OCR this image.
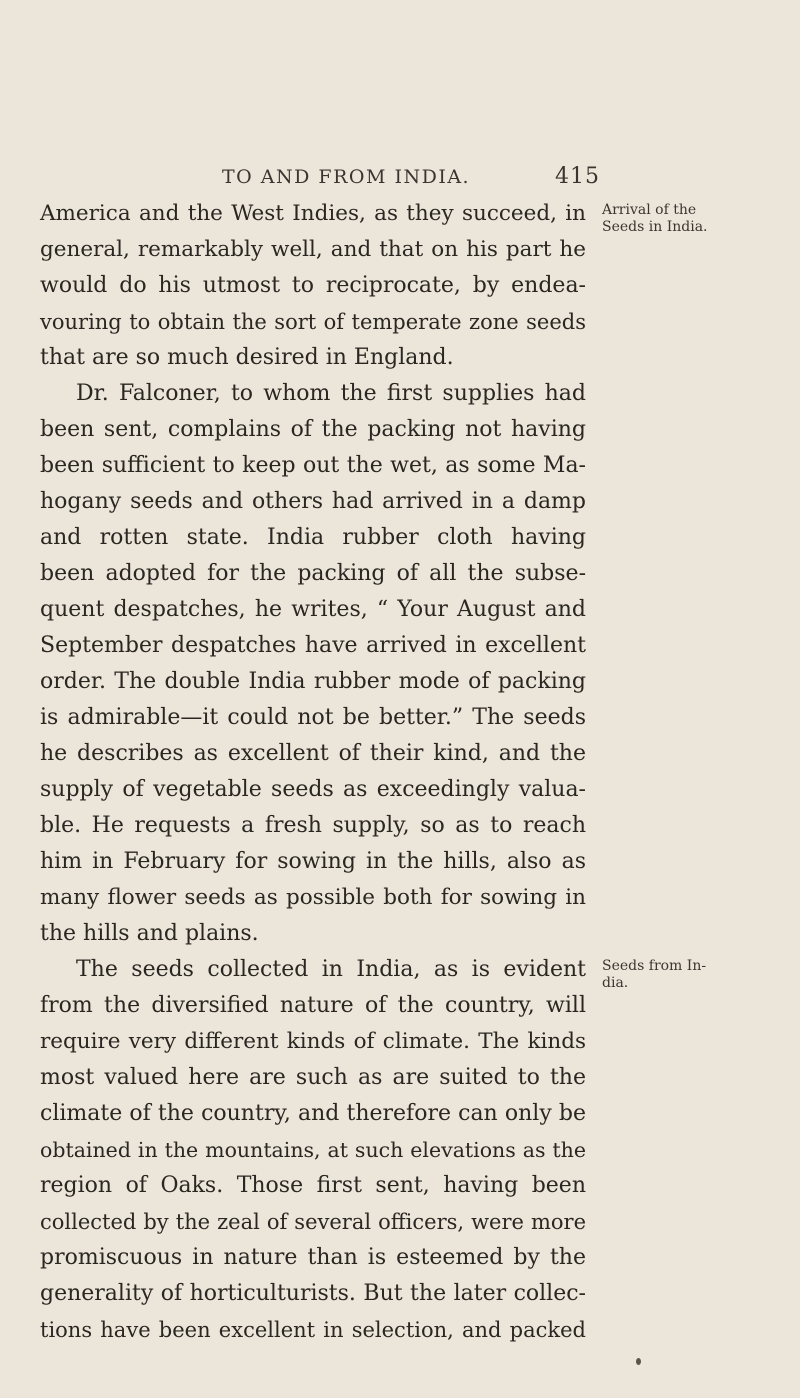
TO AND FROM INDIA.	415
America and the West Indies, as they succeed, in
general, remarkably well, and that on his part he
would do his utmost to reciprocate, by endea-
vouring to obtain the sort of temperate zone seeds
that are so much desired in England.
Dr. Falconer, to whom the first supplies had
been sent, complains of the packing not having
been sufficient to keep out the wet, as some Ma-
hogany seeds and others had arrived in a damp
and rotten state. India rubber cloth having
been adopted for the packing of all the subse-
quent despatches, he writes, “ Your August and
September despatches have arrived in excellent
order. The double India rubber mode of packing
is admirable—it could not be better.” The seeds
he describes as excellent of their kind, and the
supply of vegetable seeds as exceedingly valua-
ble. He requests a fresh supply, so as to reach
him in February for sowing in the hills, also as
many flower seeds as possible both for sowing in
the hills and plains.
The seeds collected in India, as is evident
from the diversified nature of the country, will
require very different kinds of climate. The kinds
most valued here are such as are suited to the
climate of the country, and therefore can only be
obtained in the mountains, at such elevations as the
region of Oaks. Those first sent, having been
collected by the zeal of several officers, were more
promiscuous in nature than is esteemed by the
generality of horticulturists. But the later collec-
tions have been excellent in selection, and packed
Arrival of the
Seeds in India.
Seeds from In-
dia.
